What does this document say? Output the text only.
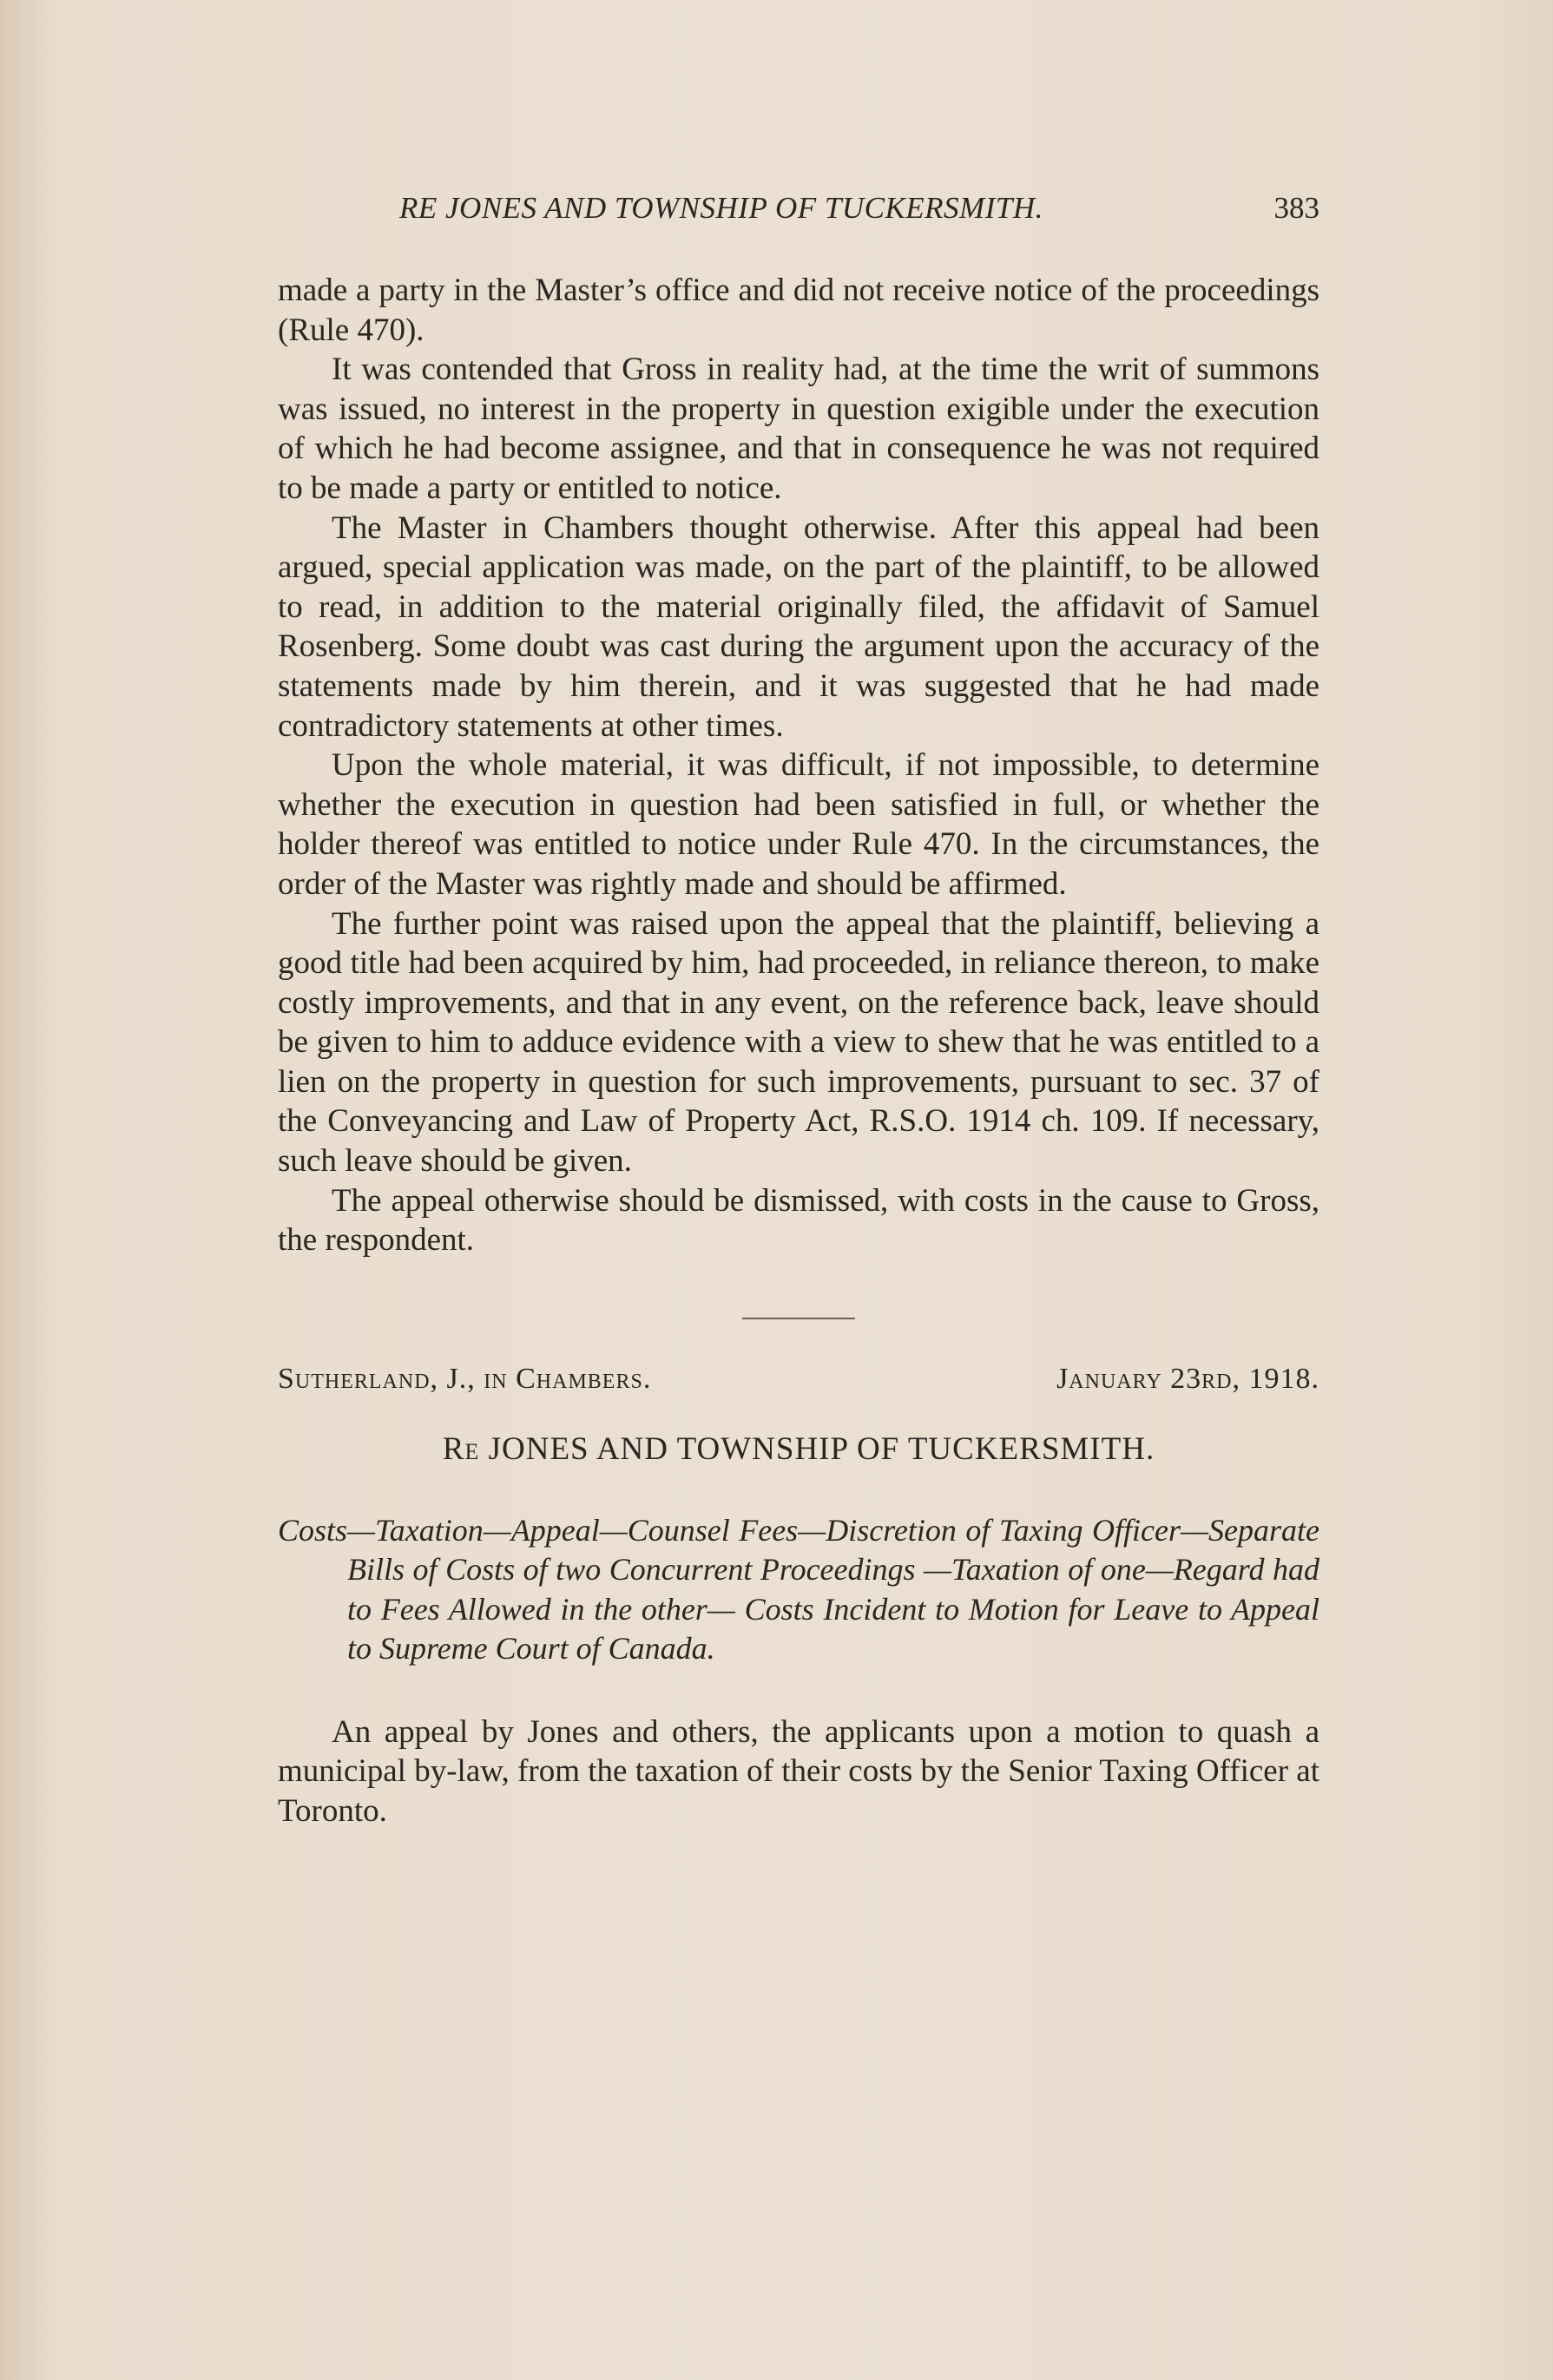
RE JONES AND TOWNSHIP OF TUCKERSMITH.	383

made a party in the Master’s office and did not receive notice of the proceedings (Rule 470).

It was contended that Gross in reality had, at the time the writ of summons was issued, no interest in the property in question exigible under the execution of which he had become assignee, and that in consequence he was not required to be made a party or entitled to notice.

The Master in Chambers thought otherwise. After this appeal had been argued, special application was made, on the part of the plaintiff, to be allowed to read, in addition to the material originally filed, the affidavit of Samuel Rosenberg. Some doubt was cast during the argument upon the accuracy of the statements made by him therein, and it was suggested that he had made contradictory statements at other times.

Upon the whole material, it was difficult, if not impossible, to determine whether the execution in question had been satisfied in full, or whether the holder thereof was entitled to notice under Rule 470. In the circumstances, the order of the Master was rightly made and should be affirmed.

The further point was raised upon the appeal that the plaintiff, believing a good title had been acquired by him, had proceeded, in reliance thereon, to make costly improvements, and that in any event, on the reference back, leave should be given to him to adduce evidence with a view to shew that he was entitled to a lien on the property in question for such improvements, pursuant to sec. 37 of the Conveyancing and Law of Property Act, R.S.O. 1914 ch. 109. If necessary, such leave should be given.

The appeal otherwise should be dismissed, with costs in the cause to Gross, the respondent.

Sutherland, J., in Chambers.	January 23rd, 1918.
Re JONES AND TOWNSHIP OF TUCKERSMITH.

Costs—Taxation—Appeal—Counsel Fees—Discretion of Taxing Officer—Separate Bills of Costs of two Concurrent Proceedings —Taxation of one—Regard had to Fees Allowed in the other— Costs Incident to Motion for Leave to Appeal to Supreme Court of Canada.

An appeal by Jones and others, the applicants upon a motion to quash a municipal by-law, from the taxation of their costs by the Senior Taxing Officer at Toronto.
